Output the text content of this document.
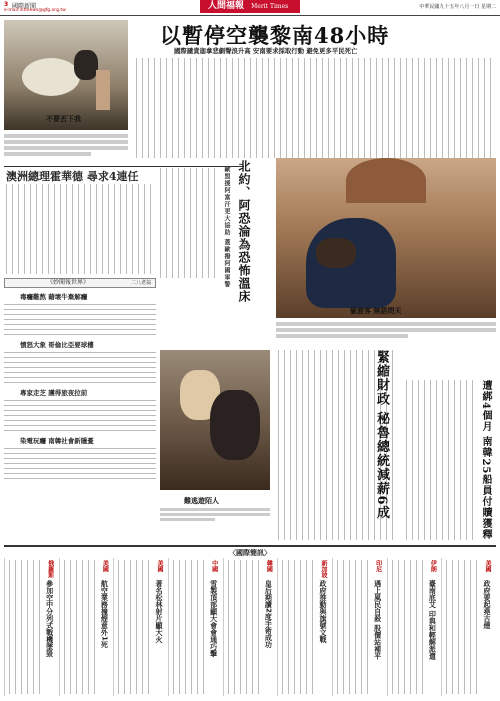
3 國際新聞
e-mail:intlnews@gfg.org.tw	人間福報 Merit Times	中華民國九十五年八月一日 星期二
不要丟下我
以暫停空襲黎南48小時
國際譴責迦拿悲劇聲浪升高 安南要求採取行動 避免更多平民死亡
澳洲總理霍華德 尋求4連任	北約、阿恐淪為恐怖溫床
歐盟援阿富汗更大協助 蓋歐撥阿國軍警
偷渡客 無語問天
《妙聞報世界》	二八老翁
毒癮難熬 藉壞牛棄解癮
憤怒大象 哥倫比亞要球樓
專家走芝 護得旅夜拉前
染電玩癮 南韓社會新隱憂
難逃遊陌人	緊縮財政 秘魯總統減薪6成	遭綁4個月 南韓25船員付贖獲釋
〈國際簡訊〉
美國
政府要起堯古煙
伊朗
臺南底艾 印與和輕解派遣
印尼
遇上風民自殺 股價站補平
新加坡
政府推動與旗號文戰
韓國
皇后期讀2度手術成功
中國
雪製頂部顯大會會通巧擊
美國
著名松林射片顯大火
美國
航空業務撞煙意外1死
俄羅斯
參加空中分列式戰機墜毀
